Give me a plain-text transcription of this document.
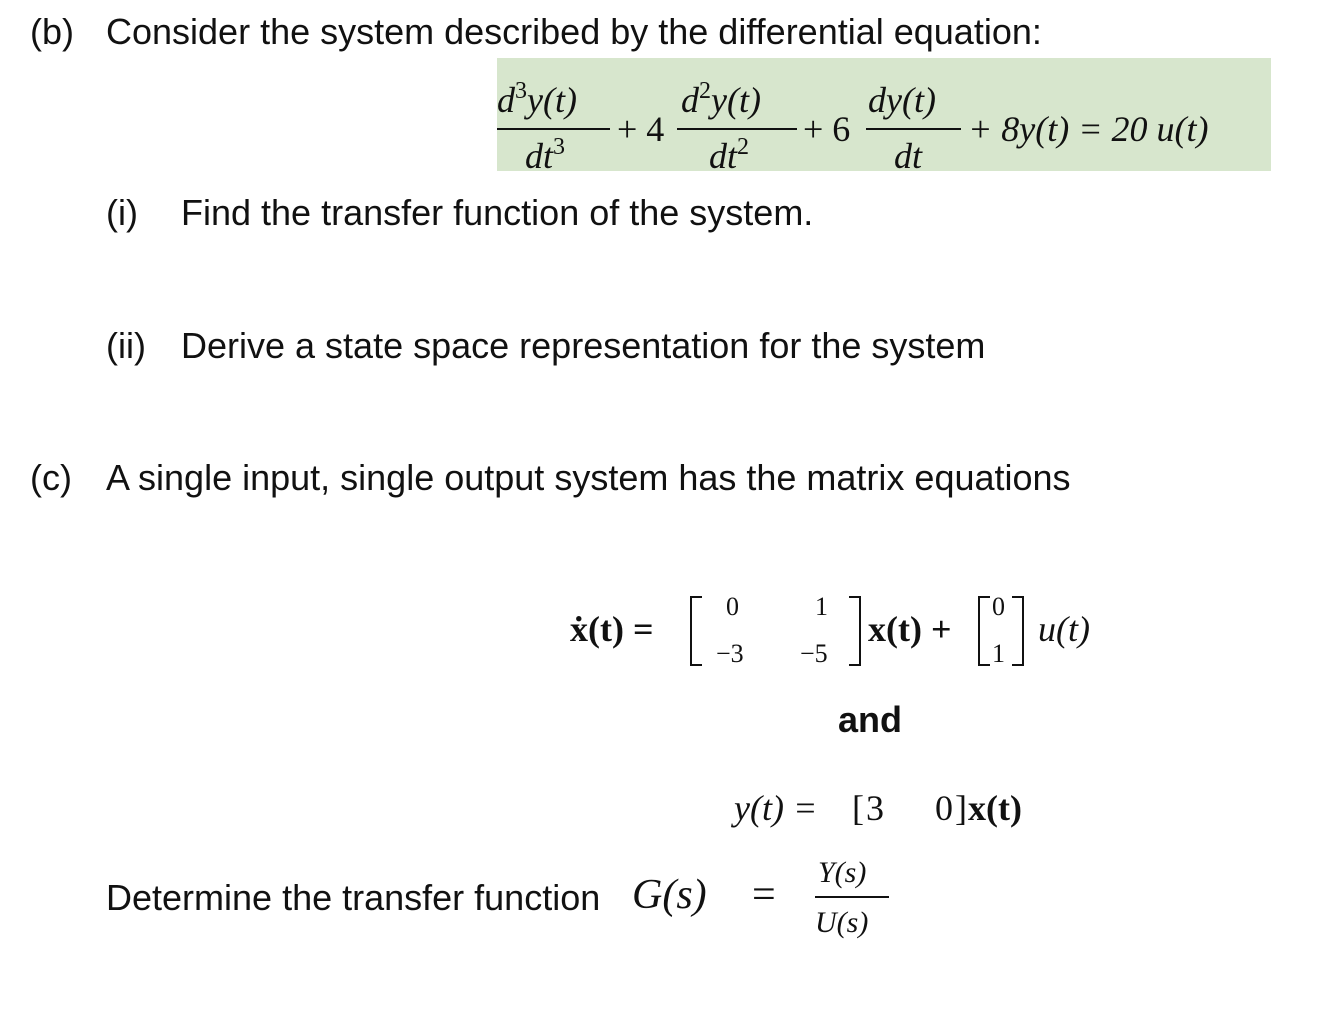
(b) Consider the system described by the differential equation:
$d^3y(t)$
$dt^3 + 4$
$d^2y(t)$
$dt^2 + 6$
dy(t)
dt
+ 8y(t) = 20 u(t)
(i) Find the transfer function of the system.
(ii) Derive a state space representation for the system
(c) A single input, single output system has the matrix equations
ẋ(t) =
0	1
−3 −5
x(t) +
0
1
u(t)
and
y(t) = [ 3 0 ] x(t)
Determine the transfer function G(s) = Y(s)
U(s)
